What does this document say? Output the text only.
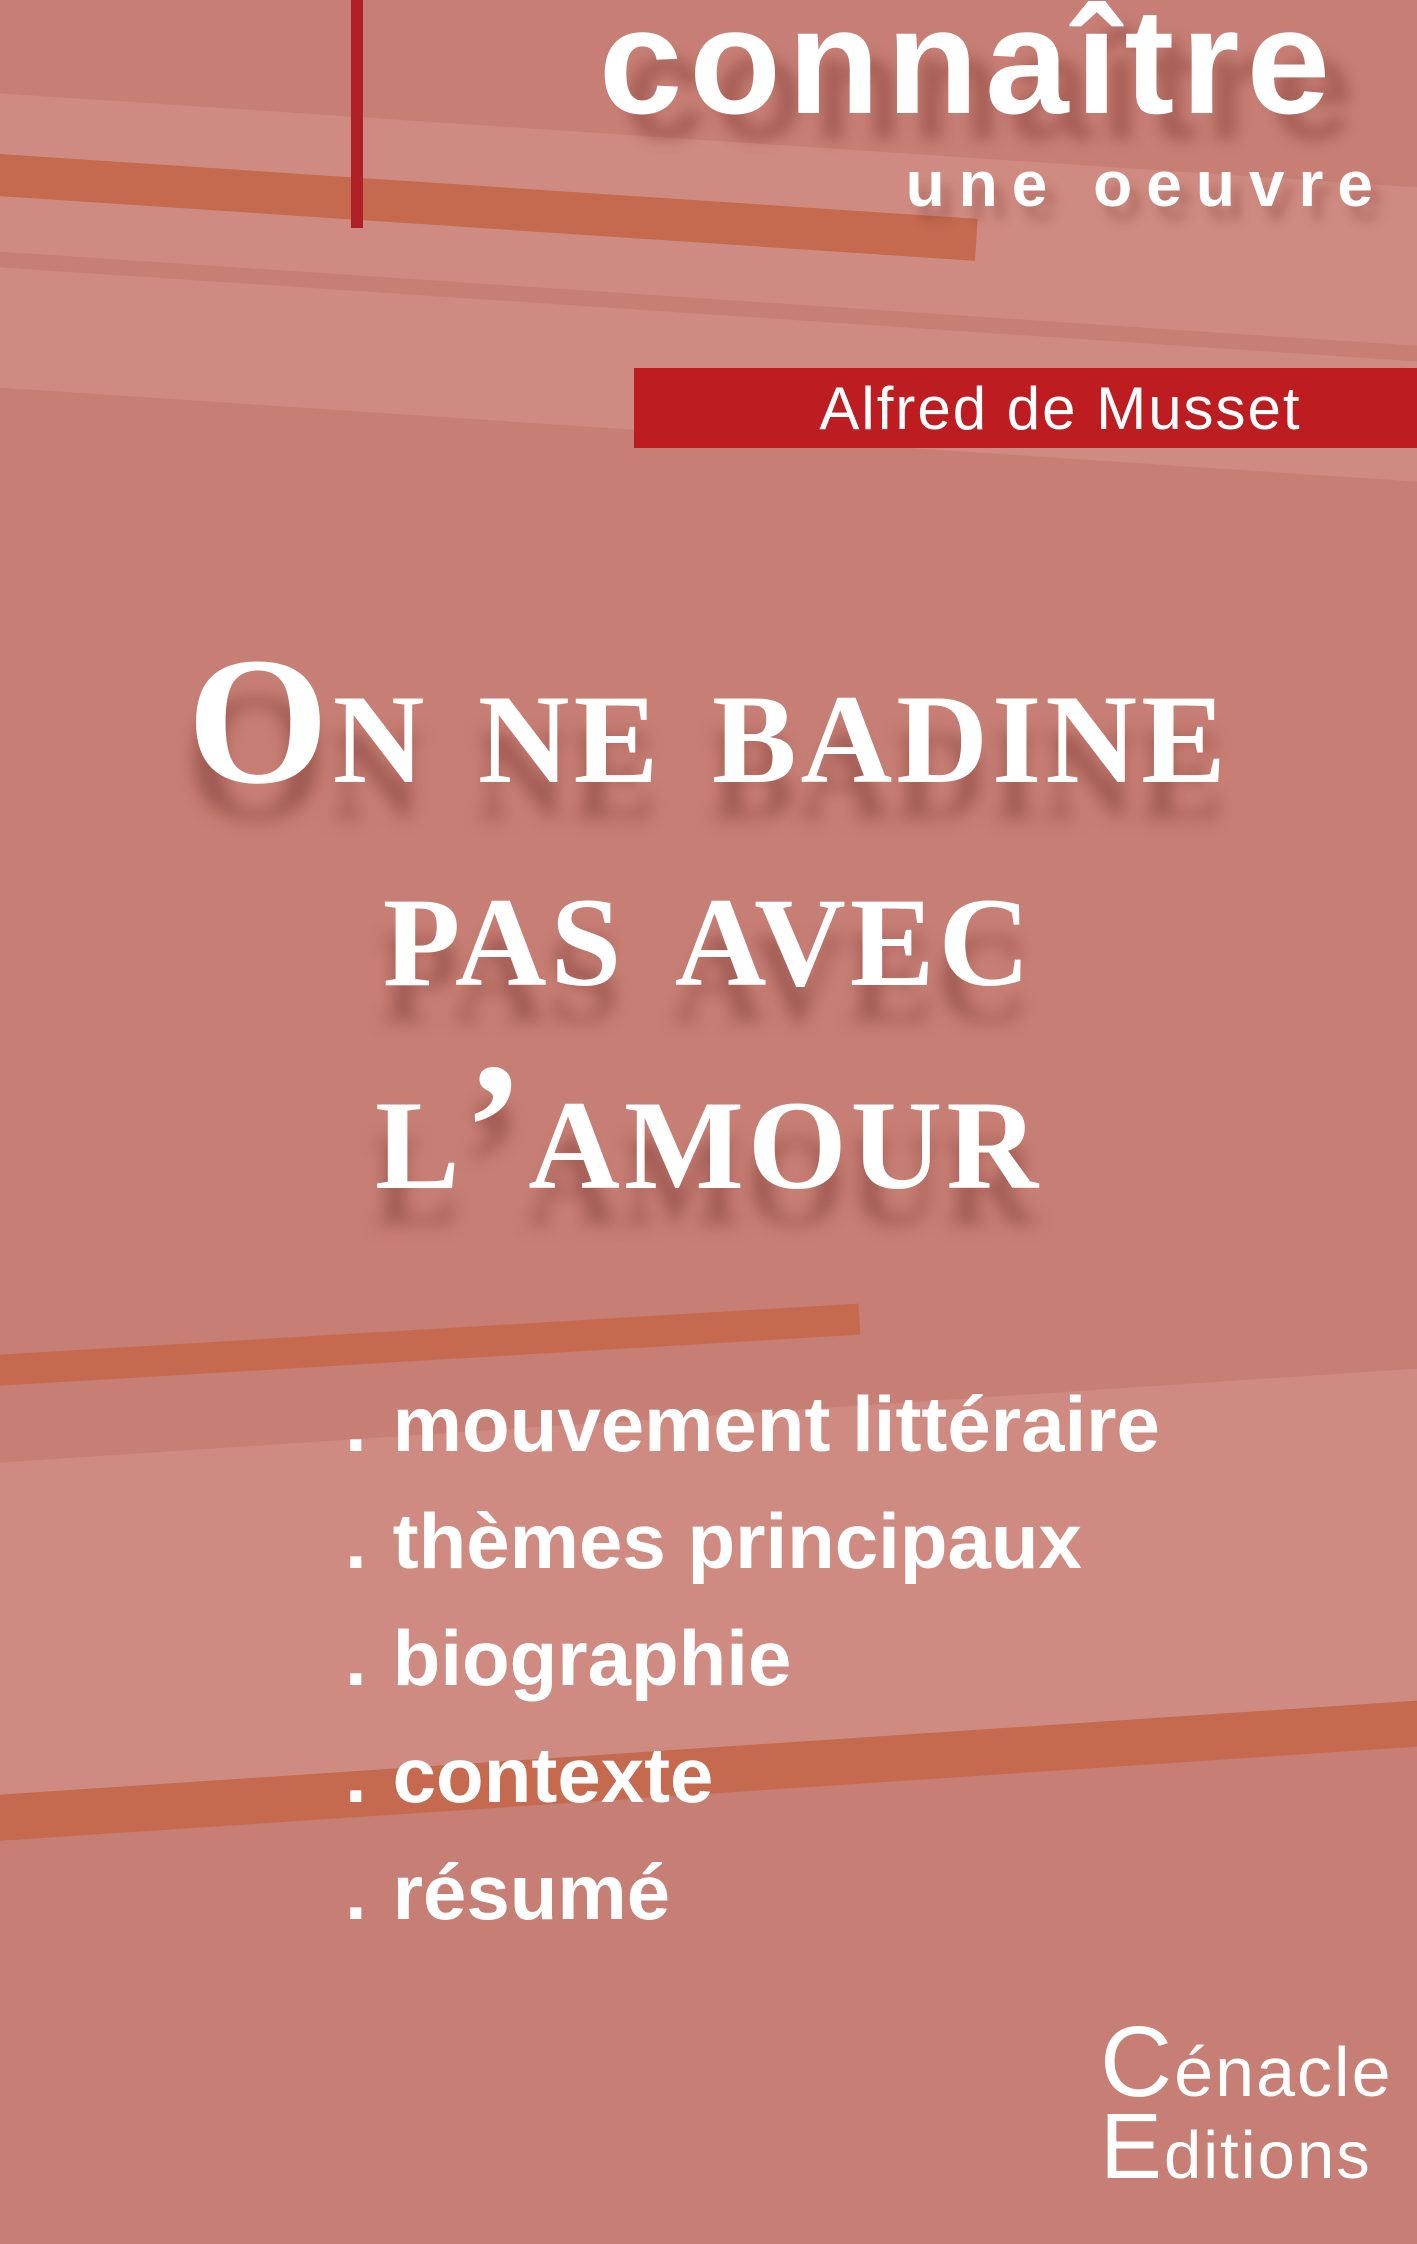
connaître
une oeuvre
Alfred de Musset
On ne badine
pas avec
l’amour
. mouvement littéraire
. thèmes principaux
. biographie
. contexte
. résumé
Cénacle
Editions
